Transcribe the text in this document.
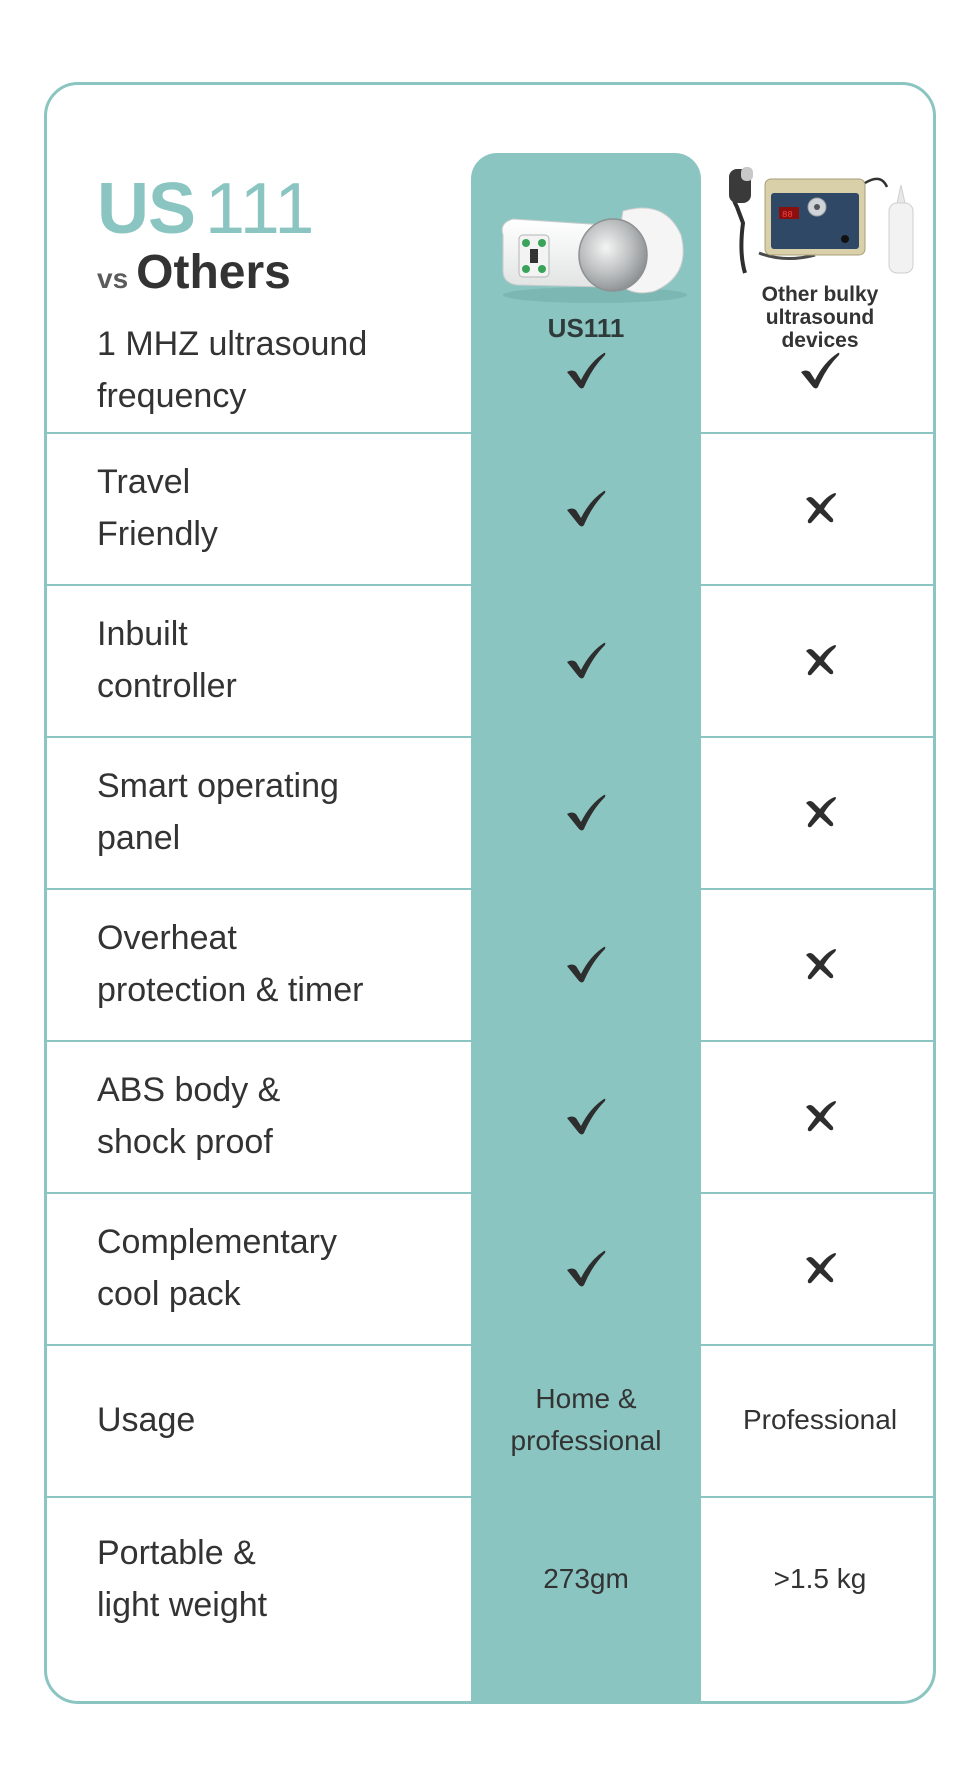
US 111
vs Others
US111
88
Other bulky
ultrasound
devices
1 MHZ ultrasound
frequency
Travel
Friendly
Inbuilt
controller
Smart operating
panel
Overheat
protection & timer
ABS body &
shock proof
Complementary
cool pack
Usage
Home &
professional
Professional
Portable &
light weight
273gm	>1.5 kg
